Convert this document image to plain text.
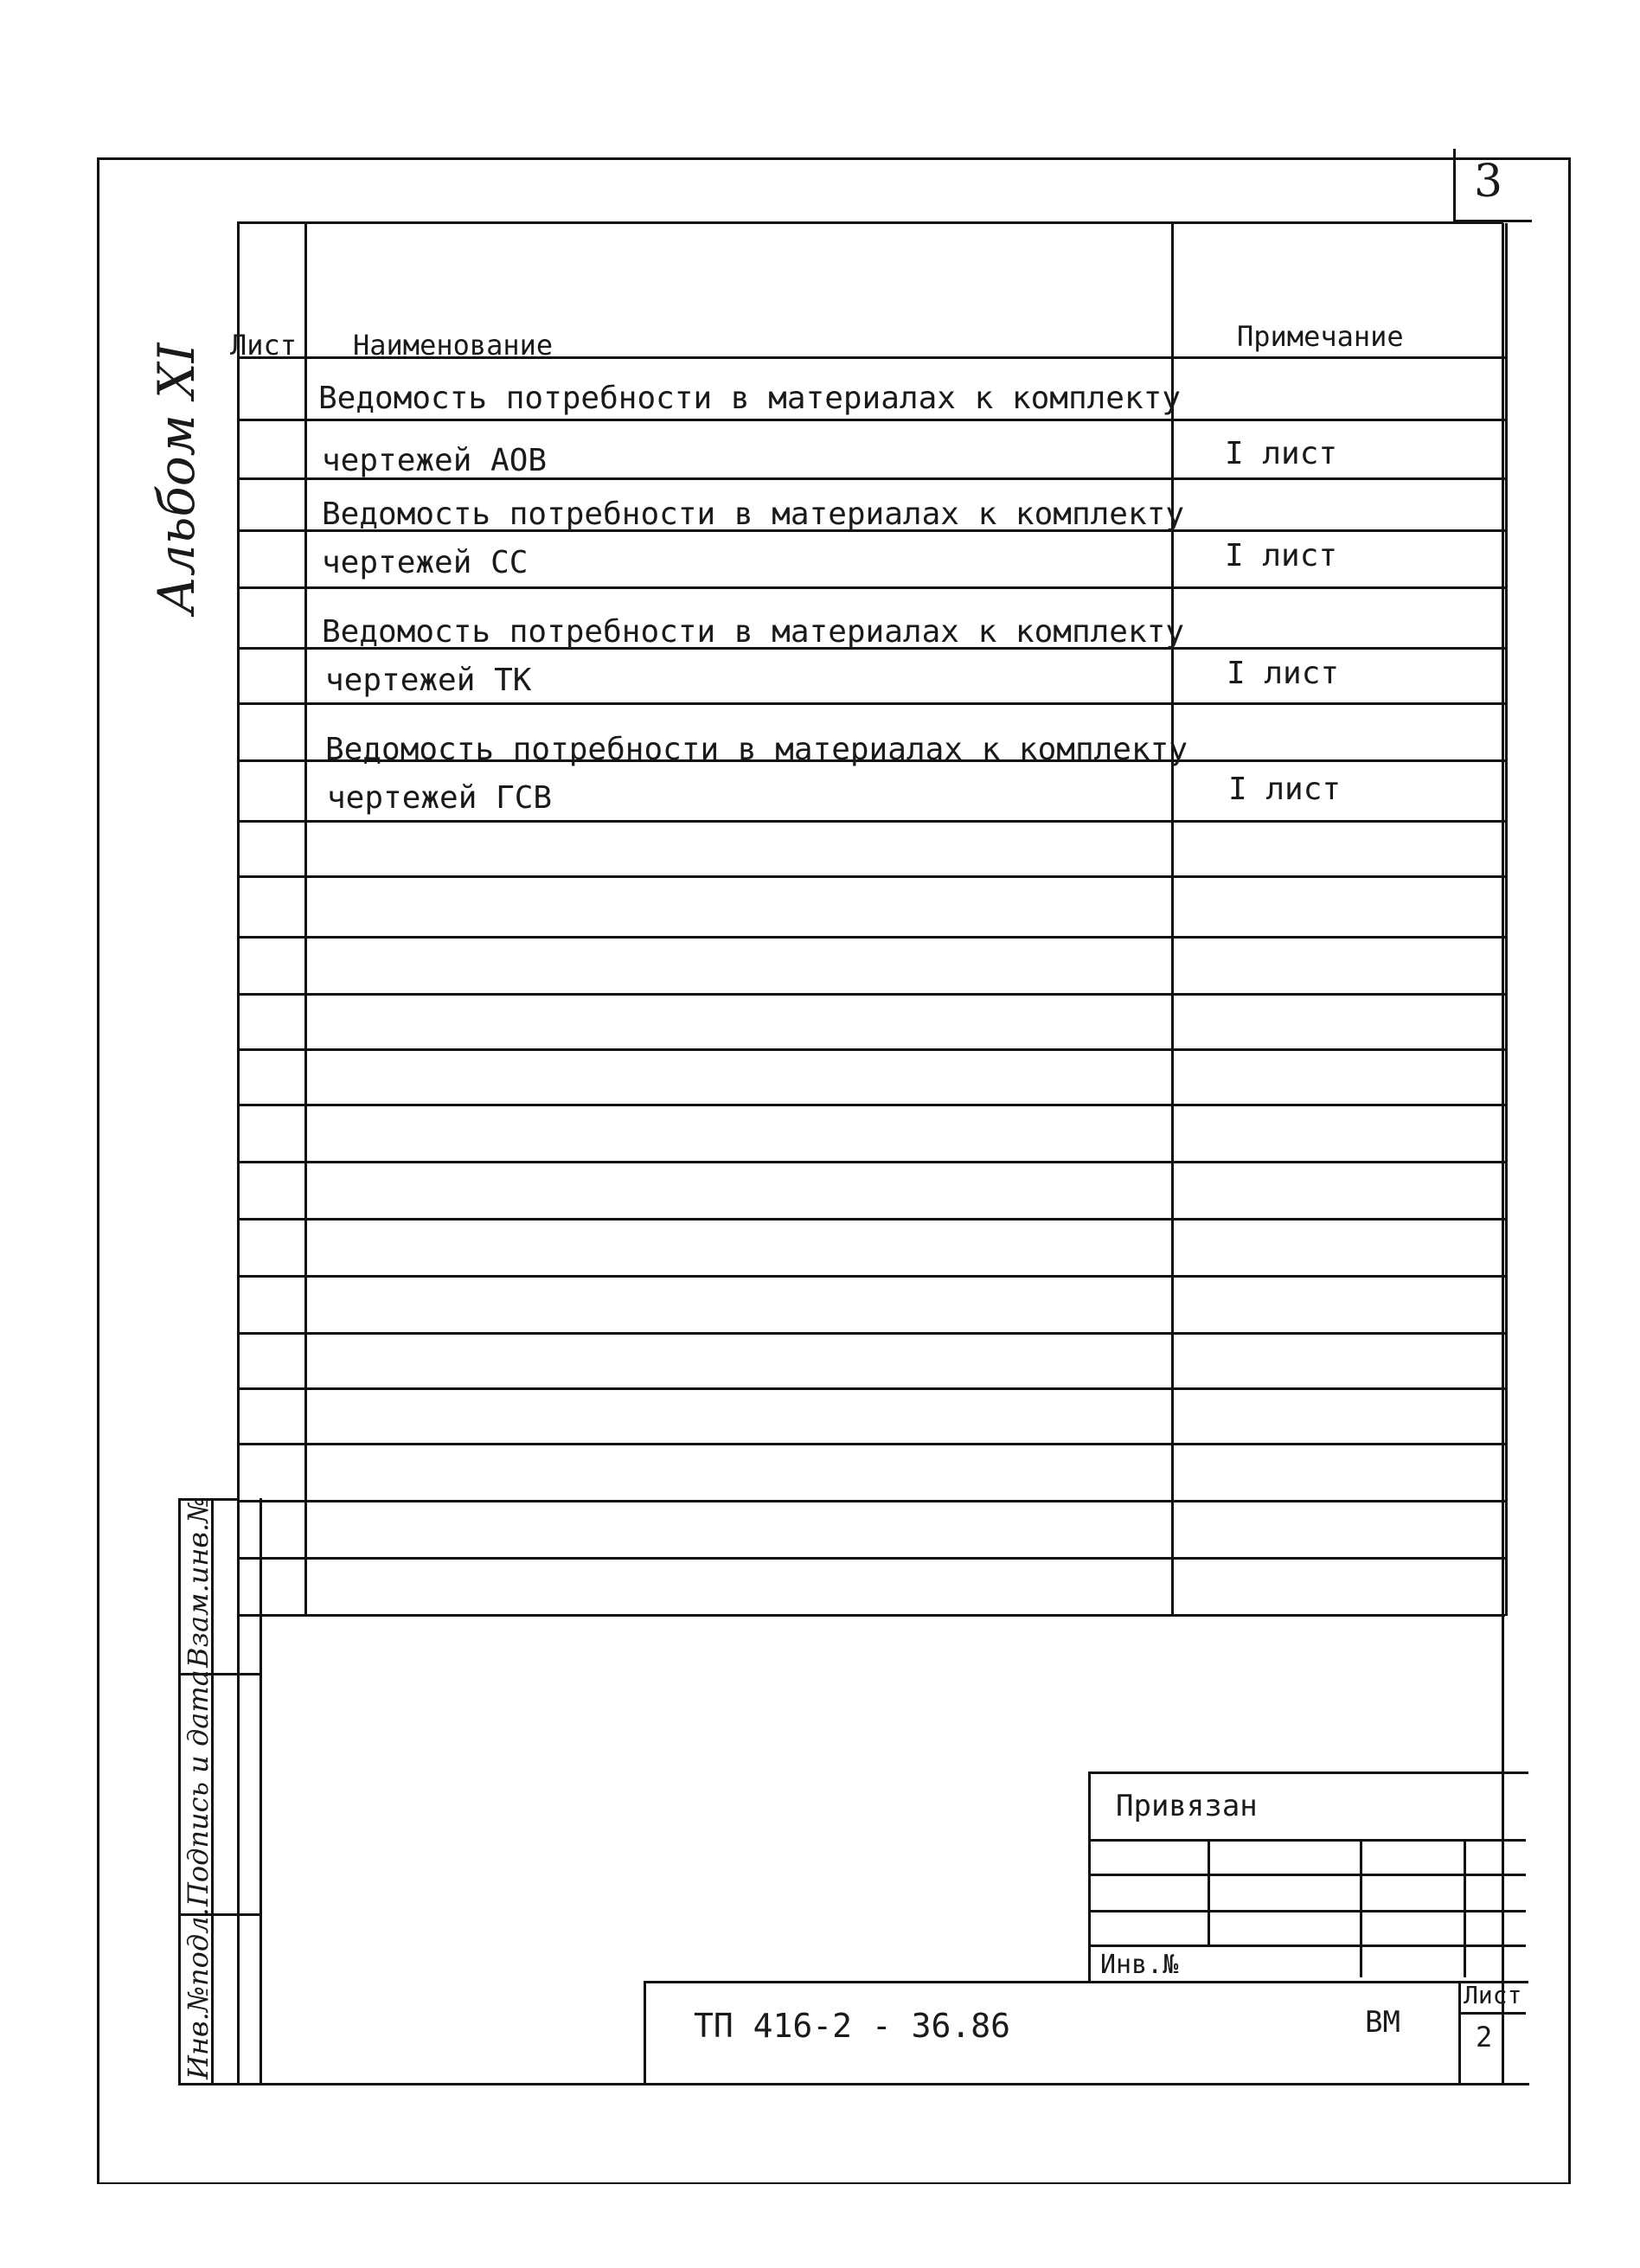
3
Альбом XI Лист Наименование	Примечание
Ведомость потребности в материалах к комплекту
чертежей АОВ	I лист
Ведомость потребности в материалах к комплекту
чертежей СС	I лист
Ведомость потребности в материалах к комплекту
чертежей ТК	I лист
Ведомость потребности в материалах к комплекту
чертежей ГСВ	I лист
Взам.инв.№
Подпись и дата
Инв.№подл.
Привязан
Инв.№
ТП 416-2 - 36.86	ВМ
Лист
2
